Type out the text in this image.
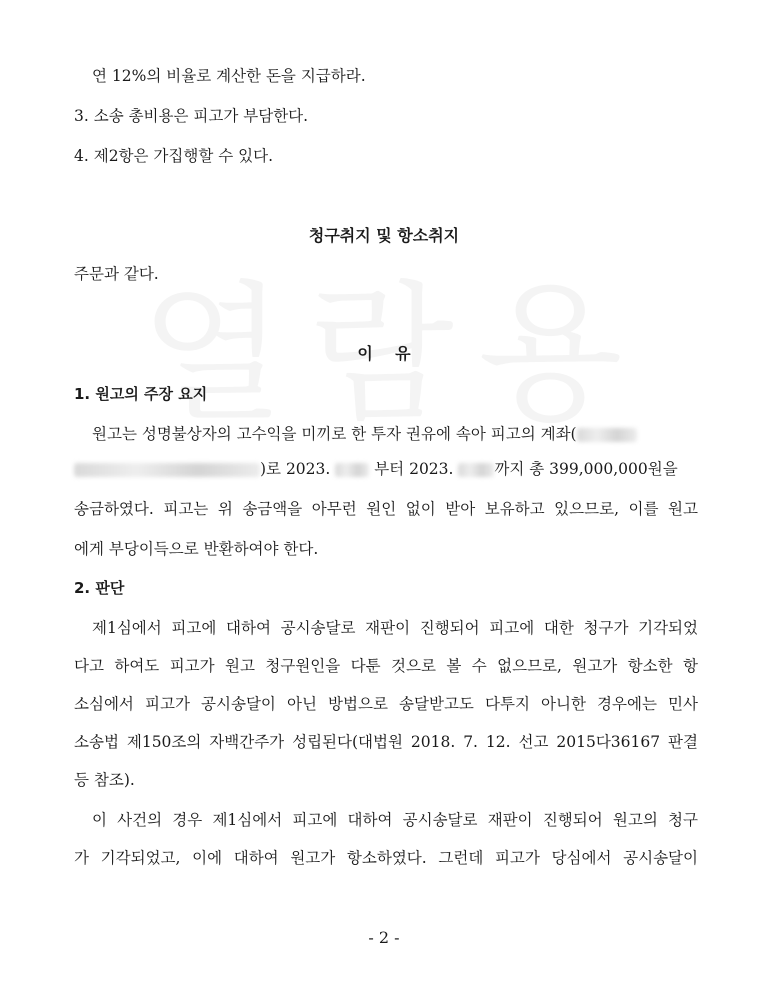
연 12%의 비율로 계산한 돈을 지급하라.
3. 소송 총비용은 피고가 부담한다.
4. 제2항은 가집행할 수 있다.
청구취지 및 항소취지
주문과 같다.
이    유
1. 원고의 주장 요지
원고는 성명불상자의 고수익을 미끼로 한 투자 권유에 속아 피고의 계좌(
)로 2023.	부터 2023.	까지 총 399,000,000원을
송금하였다. 피고는 위 송금액을 아무런 원인 없이 받아 보유하고 있으므로, 이를 원고
에게 부당이득으로 반환하여야 한다.
2. 판단
제1심에서 피고에 대하여 공시송달로 재판이 진행되어 피고에 대한 청구가 기각되었
다고 하여도 피고가 원고 청구원인을 다툰 것으로 볼 수 없으므로, 원고가 항소한 항
소심에서 피고가 공시송달이 아닌 방법으로 송달받고도 다투지 아니한 경우에는 민사
소송법 제150조의 자백간주가 성립된다(대법원 2018. 7. 12. 선고 2015다36167 판결
등 참조).
이 사건의 경우 제1심에서 피고에 대하여 공시송달로 재판이 진행되어 원고의 청구
가 기각되었고, 이에 대하여 원고가 항소하였다. 그런데 피고가 당심에서 공시송달이
- 2 -
